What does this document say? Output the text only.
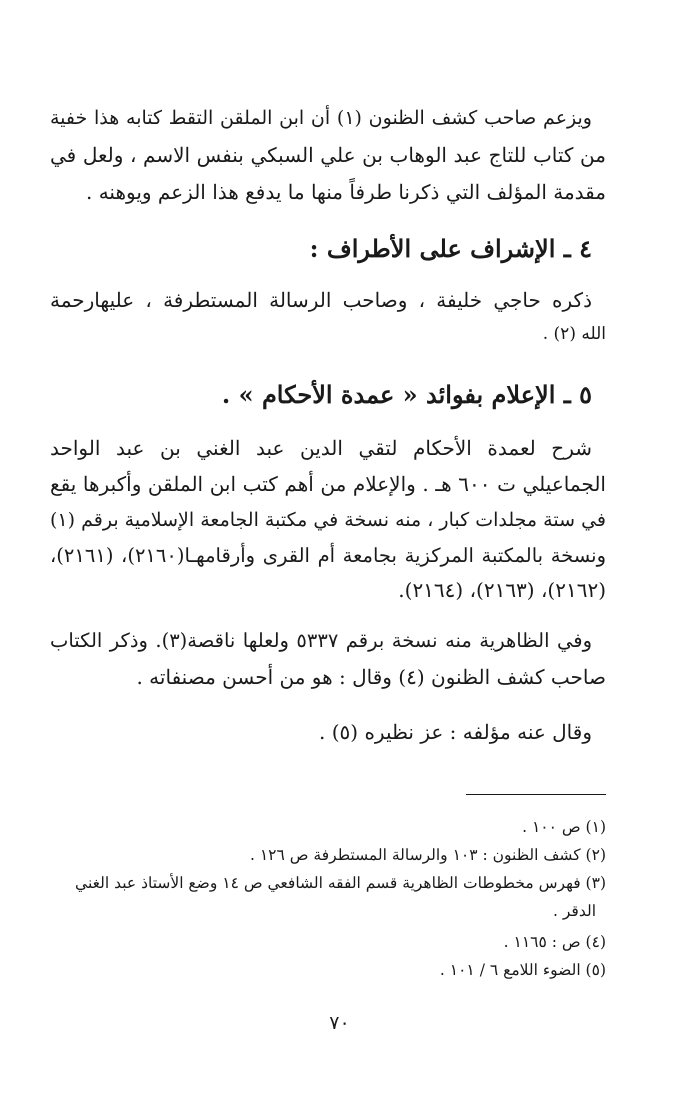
ويزعم صاحب كشف الظنون (١) أن ابن الملقن التقط كتابه هذا خفية
من كتاب للتاج عبد الوهاب بن علي السبكي بنفس الاسم ، ولعل في
مقدمة المؤلف التي ذكرنا طرفاً منها ما يدفع هذا الزعم ويوهنه .
٤ ـ الإشراف على الأطراف :
ذكره حاجي خليفة ، وصاحب الرسالة المستطرفة ، عليهارحمة
الله (٢) .
٥ ـ الإعلام بفوائد « عمدة الأحكام » .
شرح لعمدة الأحكام لتقي الدين عبد الغني بن عبد الواحد
الجماعيلي ت ٦٠٠ هـ . والإعلام من أهم كتب ابن الملقن وأكبرها يقع
في ستة مجلدات كبار ، منه نسخة في مكتبة الجامعة الإسلامية برقم (١)
ونسخة بالمكتبة المركزية بجامعة أم القرى وأرقامهـا(٢١٦٠)، (٢١٦١)،
(٢١٦٢)، (٢١٦٣)، (٢١٦٤).
وفي الظاهرية منه نسخة برقم ٥٣٣٧ ولعلها ناقصة(٣). وذكر الكتاب
صاحب كشف الظنون (٤) وقال : هو من أحسن مصنفاته .
وقال عنه مؤلفه : عز نظيره (٥) .
(١) ص ١٠٠ .
(٢) كشف الظنون : ١٠٣ والرسالة المستطرفة ص ١٢٦ .
(٣) فهرس مخطوطات الظاهرية قسم الفقه الشافعي ص ١٤ وضع الأستاذ عبد الغني
الدقر .
(٤) ص : ١١٦٥ .
(٥) الضوء اللامع ٦ / ١٠١ .
٧٠
